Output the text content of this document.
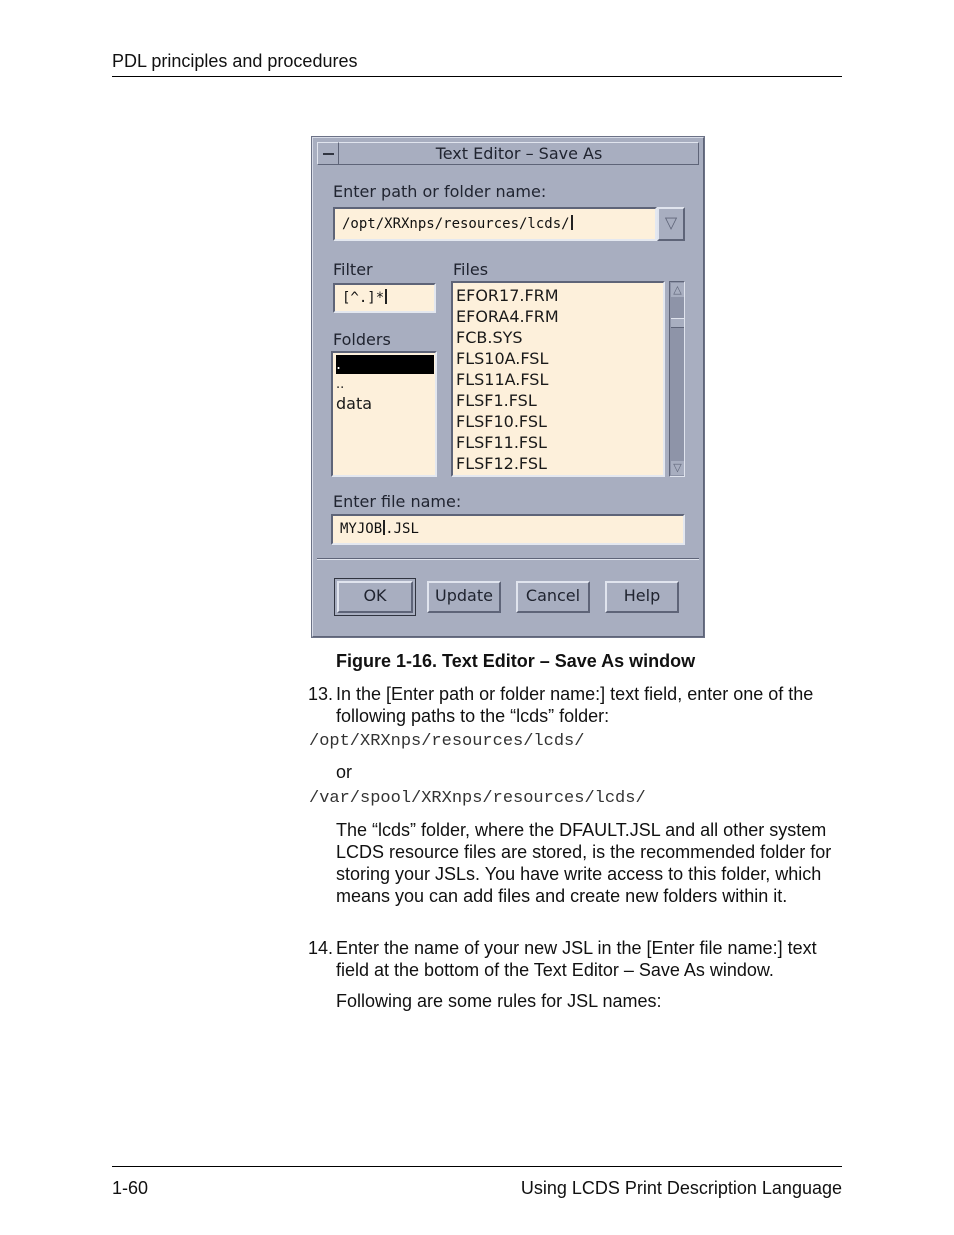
PDL principles and procedures
Text Editor – Save As
Enter path or folder name:
/opt/XRXnps/resources/lcds/	▽
Filter
[^.]*
Files
EFOR17.FRM
EFORA4.FRM
FCB.SYS
FLS10A.FSL
FLS11A.FSL
FLSF1.FSL
FLSF10.FSL
FLSF11.FSL
FLSF12.FSL
△
▽
Folders
.
..
data
Enter file name:
MYJOB .JSL
OK	Update	Cancel	Help
Figure 1-16. Text Editor – Save As window
13. In the [Enter path or folder name:] text field, enter one of the following paths to the “lcds” folder:
/opt/XRXnps/resources/lcds/
or
/var/spool/XRXnps/resources/lcds/
The “lcds” folder, where the DFAULT.JSL and all other system LCDS resource files are stored, is the recommended folder for storing your JSLs. You have write access to this folder, which means you can add files and create new folders within it.
14. Enter the name of your new JSL in the [Enter file name:] text field at the bottom of the Text Editor – Save As window.
Following are some rules for JSL names:
1-60	Using LCDS Print Description Language
